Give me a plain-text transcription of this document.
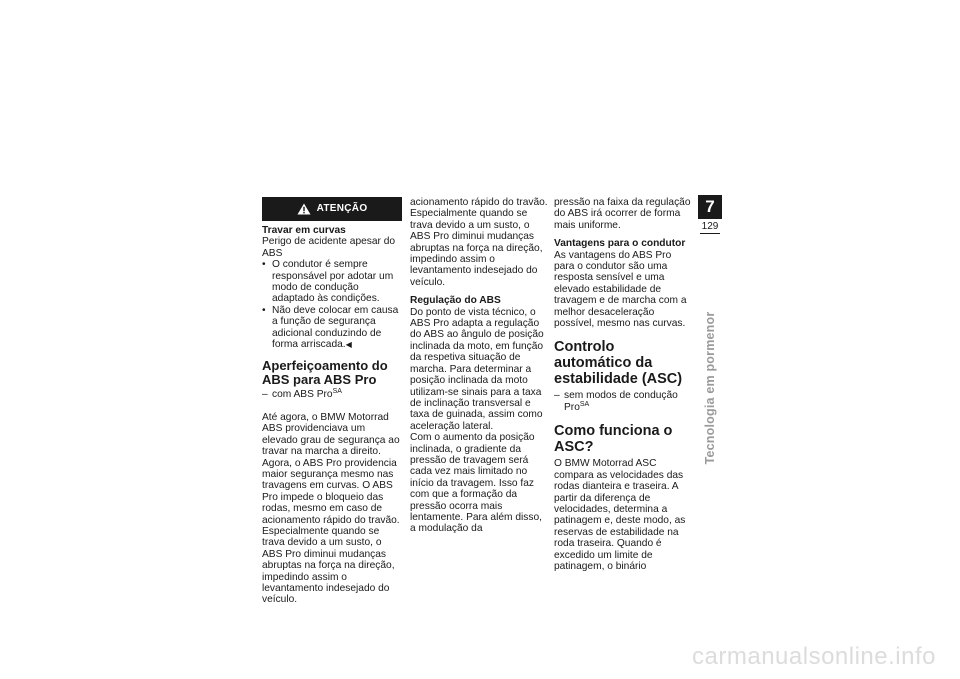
ATENÇÃO

Travar em curvas

Perigo de acidente apesar do ABS

• O condutor é sempre responsável por adotar um modo de condução adaptado às condições.
• Não deve colocar em causa a função de segurança adicional conduzindo de forma arriscada.◀
Aperfeiçoamento do ABS para ABS Pro
– com ABS Pro$^{SA}$

Até agora, o BMW Motorrad ABS providenciava um elevado grau de segurança ao travar na marcha a direito. Agora, o ABS Pro providencia maior segurança mesmo nas travagens em curvas. O ABS Pro impede o bloqueio das rodas, mesmo em caso de acionamento rápido do travão. Especialmente quando se trava devido a um susto, o ABS Pro diminui mudanças abruptas na força na direção, impedindo assim o levantamento indesejado do veículo.

acionamento rápido do travão. Especialmente quando se trava devido a um susto, o ABS Pro diminui mudanças abruptas na força na direção, impedindo assim o levantamento indesejado do veículo.

Regulação do ABS

Do ponto de vista técnico, o ABS Pro adapta a regulação do ABS ao ângulo de posição inclinada da moto, em função da respetiva situação de marcha. Para determinar a posição inclinada da moto utilizam-se sinais para a taxa de inclinação transversal e taxa de guinada, assim como aceleração lateral.

Com o aumento da posição inclinada, o gradiente da pressão de travagem será cada vez mais limitado no início da travagem. Isso faz com que a formação da pressão ocorra mais lentamente. Para além disso, a modulação da

pressão na faixa da regulação do ABS irá ocorrer de forma mais uniforme.

Vantagens para o condutor

As vantagens do ABS Pro para o condutor são uma resposta sensível e uma elevado estabilidade de travagem e de marcha com a melhor desaceleração possível, mesmo nas curvas.

Controlo automático da estabilidade (ASC)
– sem modos de condução Pro$^{SA}$
Como funciona o ASC?

O BMW Motorrad ASC compara as velocidades das rodas dianteira e traseira. A partir da diferença de velocidades, determina a patinagem e, deste modo, as reservas de estabilidade na roda traseira. Quando é excedido um limite de patinagem, o binário

7
129
Tecnologia em pormenor
carmanualsonline.info
